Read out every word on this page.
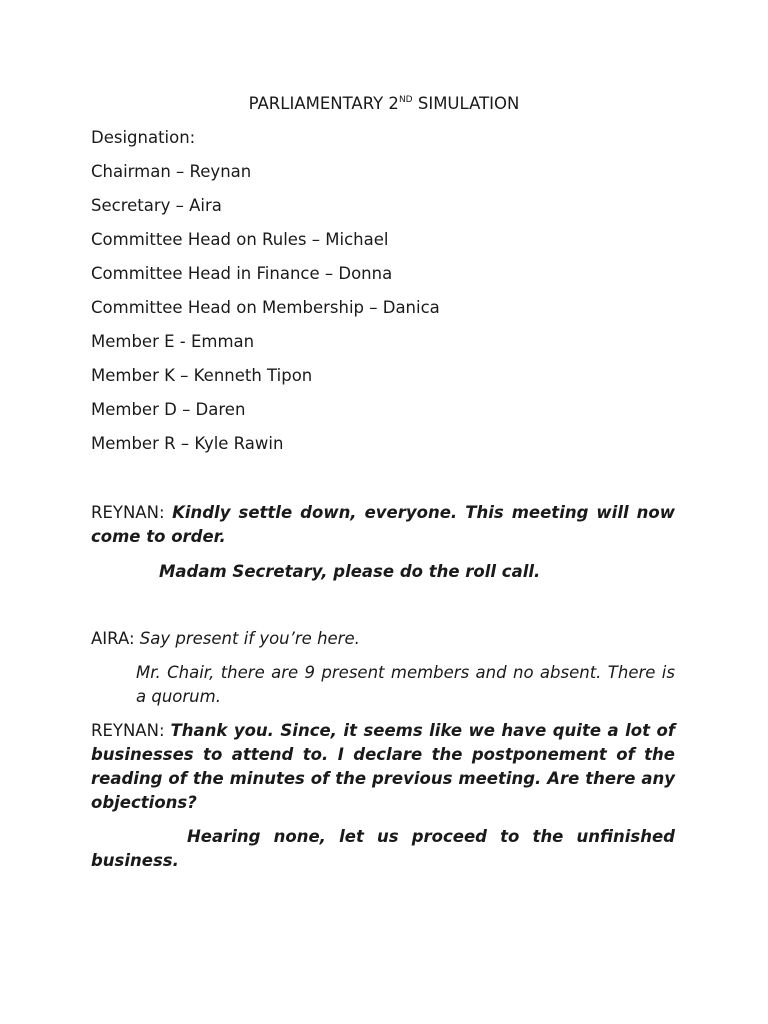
PARLIAMENTARY 2ND SIMULATION

Designation:

Chairman – Reynan

Secretary – Aira

Committee Head on Rules – Michael

Committee Head in Finance – Donna

Committee Head on Membership – Danica

Member E - Emman

Member K – Kenneth Tipon

Member D – Daren

Member R – Kyle Rawin

REYNAN: Kindly settle down, everyone. This meeting will now come to order.

Madam Secretary, please do the roll call.

AIRA: Say present if you’re here.

Mr. Chair, there are 9 present members and no absent. There is a quorum.

REYNAN: Thank you. Since, it seems like we have quite a lot of businesses to attend to. I declare the postponement of the reading of the minutes of the previous meeting. Are there any objections?

Hearing none, let us proceed to the unfinished business.
